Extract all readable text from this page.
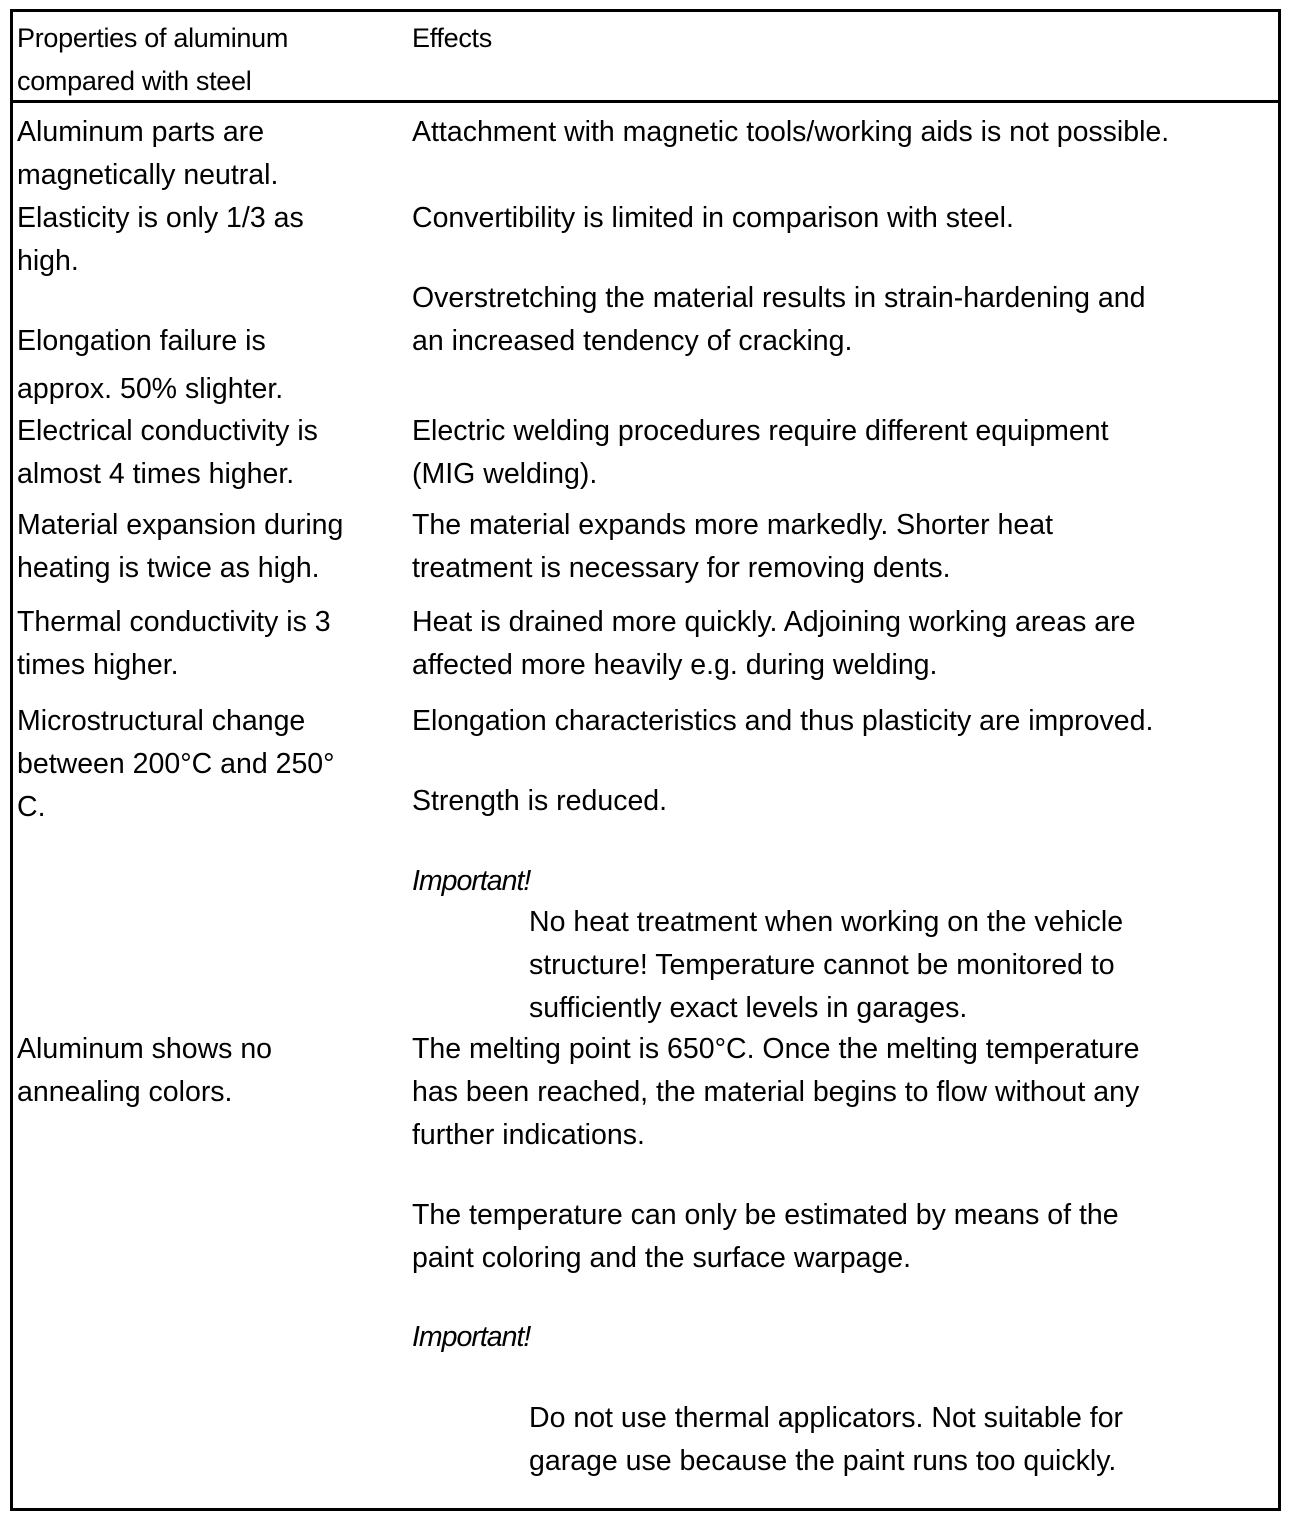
Properties of aluminum
compared with steel
Effects
Aluminum parts are
magnetically neutral.
Attachment with magnetic tools/working aids is not possible.
Elasticity is only 1/3 as
high.
Convertibility is limited in comparison with steel.
Elongation failure is
approx. 50% slighter.
Overstretching the material results in strain-hardening and
an increased tendency of cracking.
Electrical conductivity is
almost 4 times higher.
Electric welding procedures require different equipment
(MIG welding).
Material expansion during
heating is twice as high.
The material expands more markedly. Shorter heat
treatment is necessary for removing dents.
Thermal conductivity is 3
times higher.
Heat is drained more quickly. Adjoining working areas are
affected more heavily e.g. during welding.
Microstructural change
between 200°C and 250°
C.
Elongation characteristics and thus plasticity are improved.
Strength is reduced.
Important!
No heat treatment when working on the vehicle
structure! Temperature cannot be monitored to
sufficiently exact levels in garages.
Aluminum shows no
annealing colors.
The melting point is 650°C. Once the melting temperature
has been reached, the material begins to flow without any
further indications.
The temperature can only be estimated by means of the
paint coloring and the surface warpage.
Important!
Do not use thermal applicators. Not suitable for
garage use because the paint runs too quickly.
